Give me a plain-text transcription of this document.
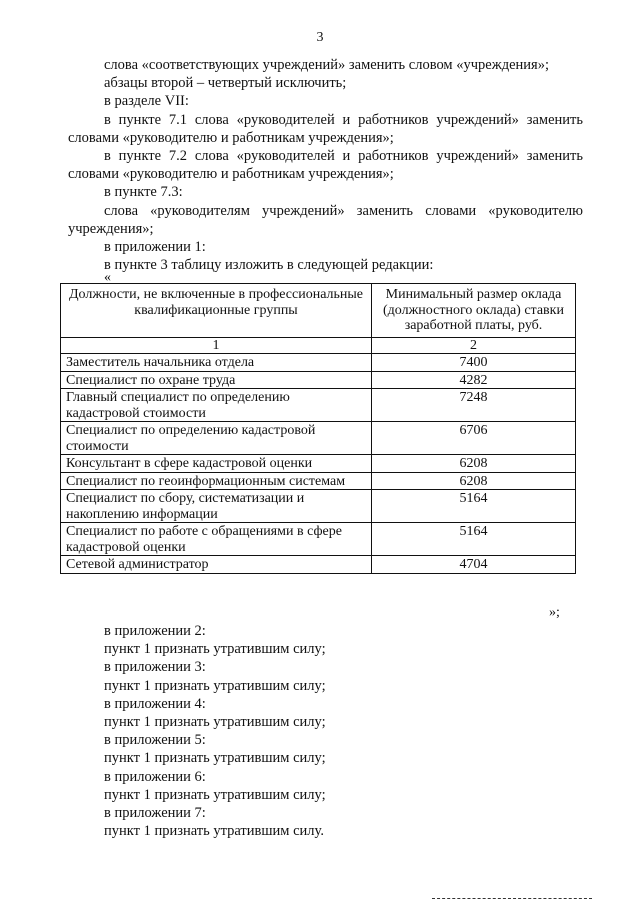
3

слова «соответствующих учреждений» заменить словом «учреждения»;

абзацы второй – четвертый исключить;

в разделе VII:

в пункте 7.1 слова «руководителей и работников учреждений» заменить словами «руководителю и работникам учреждения»;

в пункте 7.2 слова «руководителей и работников учреждений» заменить словами «руководителю и работникам учреждения»;

в пункте 7.3:

слова «руководителям учреждений» заменить словами «руководителю учреждения»;

в приложении 1:

в пункте 3 таблицу изложить в следующей редакции:

«
Должности, не включенные в профессиональные квалификационные группы	Минимальный размер оклада (должностного оклада) ставки заработной платы, руб.
1	2
Заместитель начальника отдела	7400
Специалист по охране труда	4282
Главный специалист по определению кадастровой стоимости	7248
Специалист по определению кадастровой стоимости	6706
Консультант в сфере кадастровой оценки	6208
Специалист по геоинформационным системам	6208
Специалист по сбору, систематизации и накоплению информации	5164
Специалист по работе с обращениями в сфере кадастровой оценки	5164
Сетевой администратор	4704
»;

в приложении 2:

пункт 1 признать утратившим силу;

в приложении 3:

пункт 1 признать утратившим силу;

в приложении 4:

пункт 1 признать утратившим силу;

в приложении 5:

пункт 1 признать утратившим силу;

в приложении 6:

пункт 1 признать утратившим силу;

в приложении 7:

пункт 1 признать утратившим силу.
